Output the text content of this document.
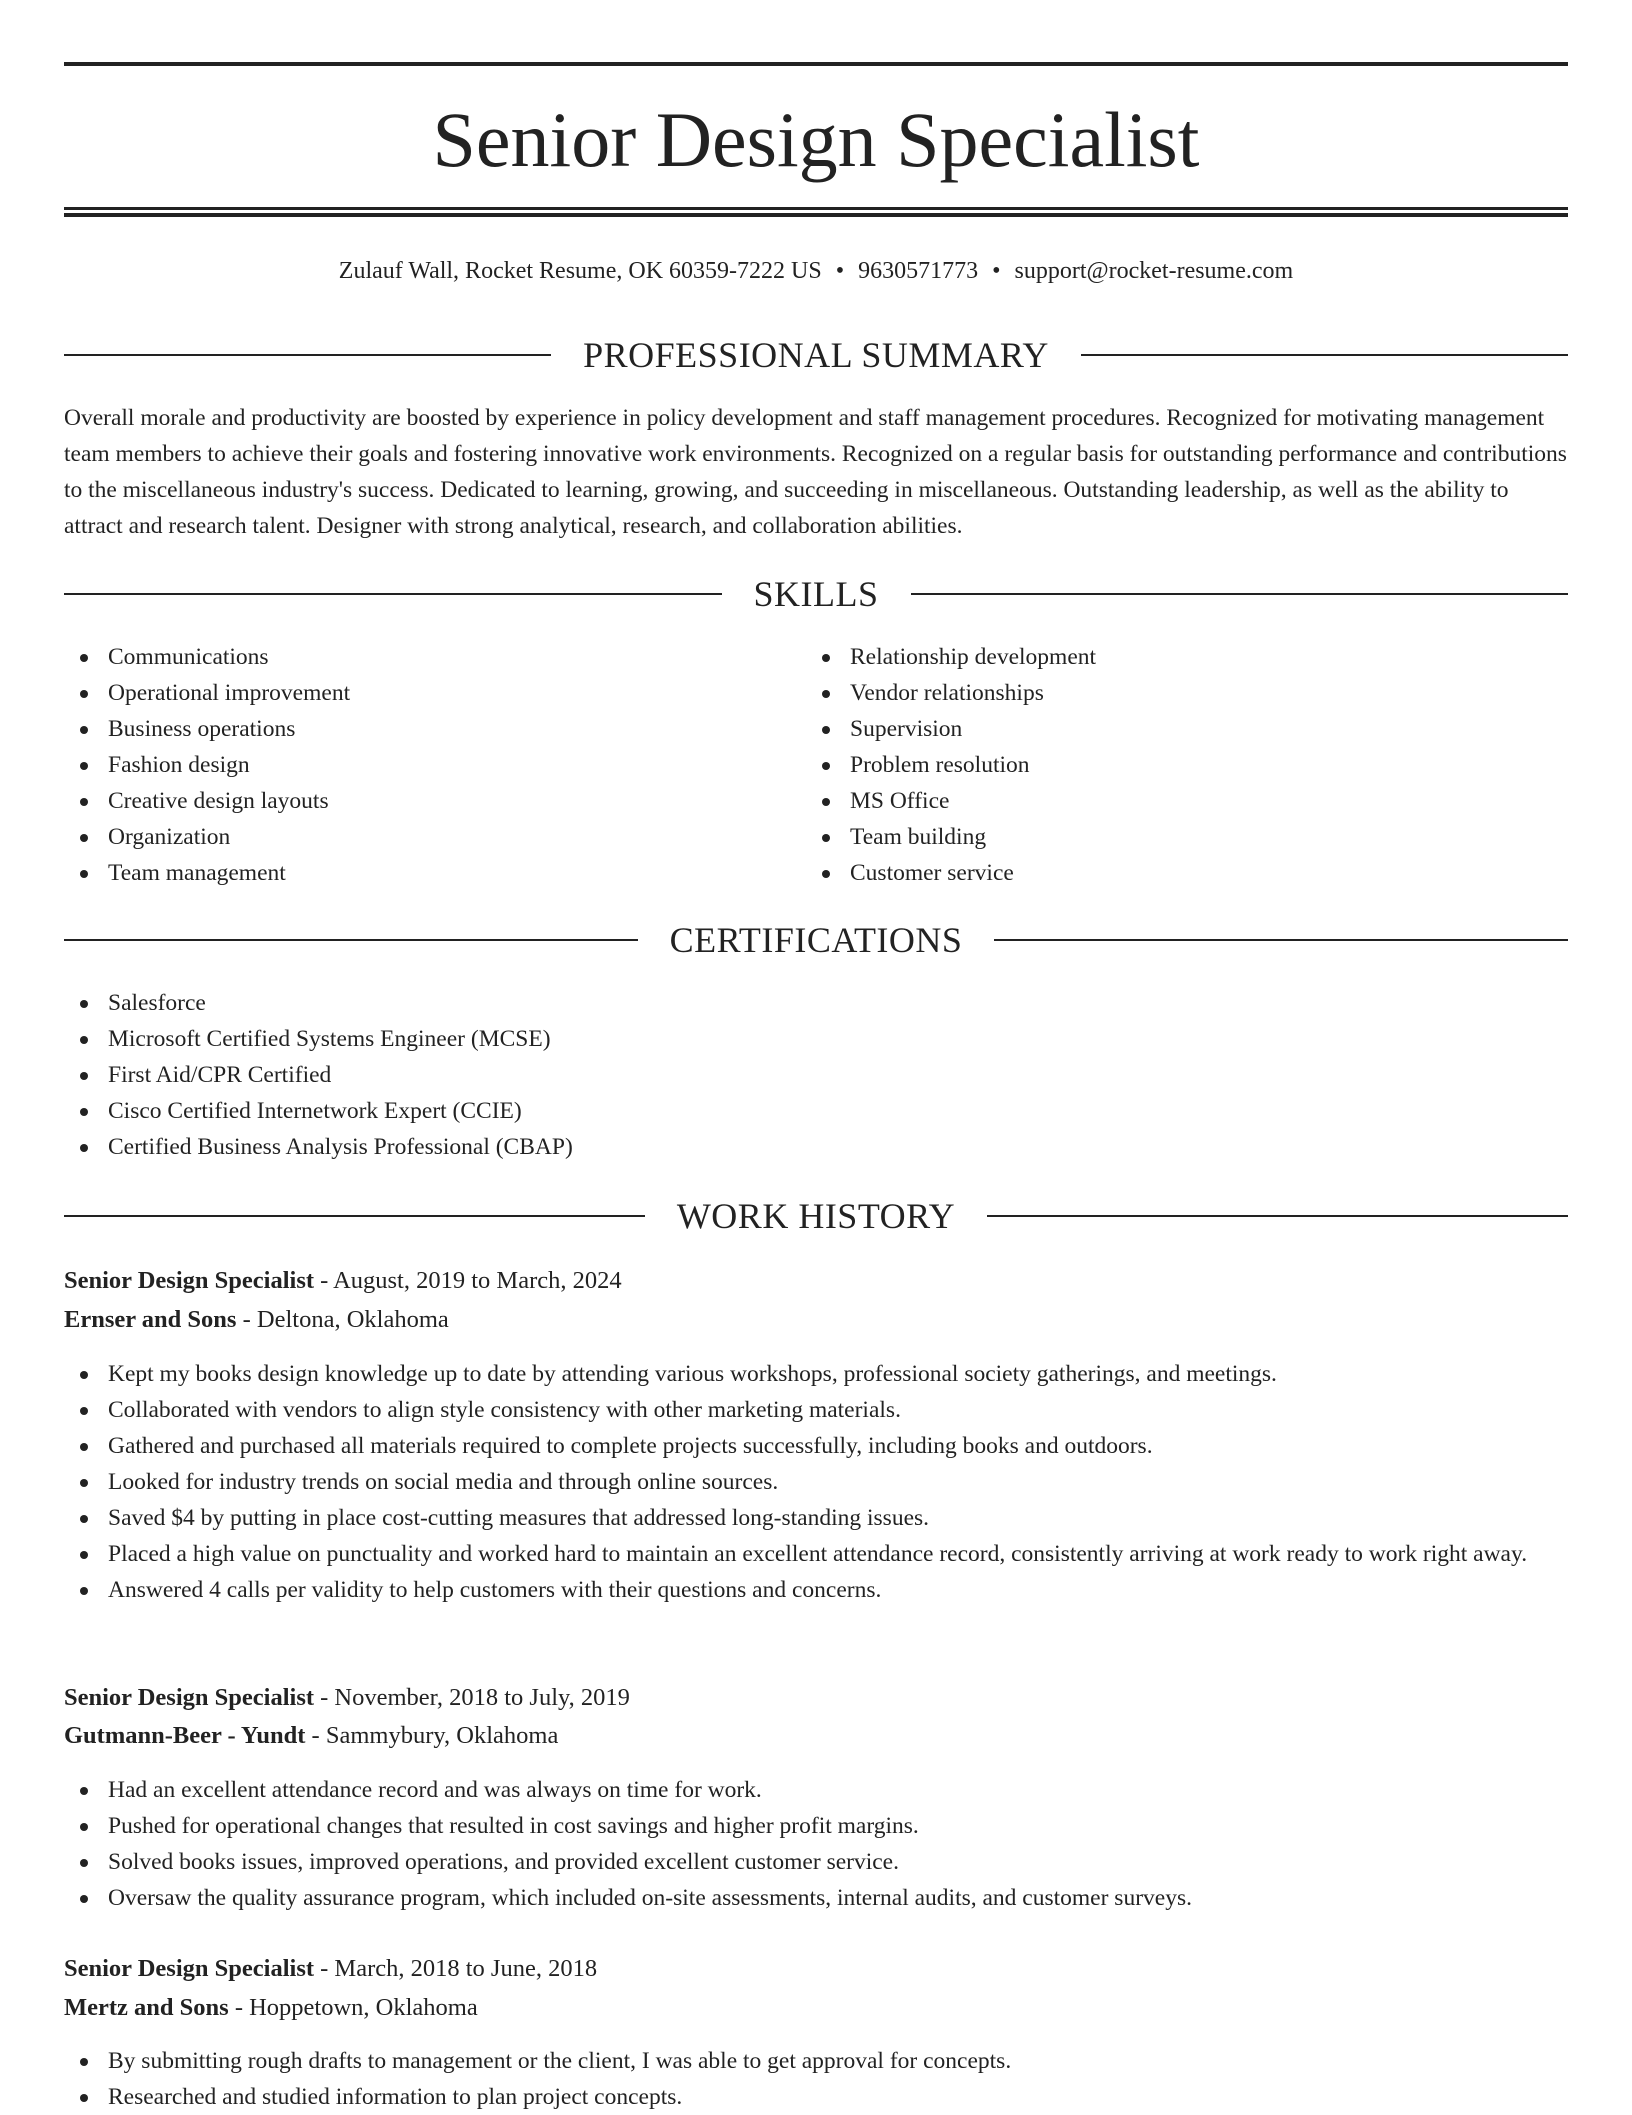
Senior Design Specialist
Zulauf Wall, Rocket Resume, OK 60359-7222 US • 9630571773 • support@rocket-resume.com
PROFESSIONAL SUMMARY

Overall morale and productivity are boosted by experience in policy development and staff management procedures. Recognized for motivating management team members to achieve their goals and fostering innovative work environments. Recognized on a regular basis for outstanding performance and contributions to the miscellaneous industry's success. Dedicated to learning, growing, and succeeding in miscellaneous. Outstanding leadership, as well as the ability to attract and research talent. Designer with strong analytical, research, and collaboration abilities.

SKILLS
Communications
Operational improvement
Business operations
Fashion design
Creative design layouts
Organization
Team management
Relationship development
Vendor relationships
Supervision
Problem resolution
MS Office
Team building
Customer service
CERTIFICATIONS
Salesforce
Microsoft Certified Systems Engineer (MCSE)
First Aid/CPR Certified
Cisco Certified Internetwork Expert (CCIE)
Certified Business Analysis Professional (CBAP)
WORK HISTORY
Senior Design Specialist - August, 2019 to March, 2024
Ernser and Sons - Deltona, Oklahoma
Kept my books design knowledge up to date by attending various workshops, professional society gatherings, and meetings.
Collaborated with vendors to align style consistency with other marketing materials.
Gathered and purchased all materials required to complete projects successfully, including books and outdoors.
Looked for industry trends on social media and through online sources.
Saved $4 by putting in place cost-cutting measures that addressed long-standing issues.
Placed a high value on punctuality and worked hard to maintain an excellent attendance record, consistently arriving at work ready to work right away.
Answered 4 calls per validity to help customers with their questions and concerns.
Senior Design Specialist - November, 2018 to July, 2019
Gutmann-Beer - Yundt - Sammybury, Oklahoma
Had an excellent attendance record and was always on time for work.
Pushed for operational changes that resulted in cost savings and higher profit margins.
Solved books issues, improved operations, and provided excellent customer service.
Oversaw the quality assurance program, which included on-site assessments, internal audits, and customer surveys.
Senior Design Specialist - March, 2018 to June, 2018
Mertz and Sons - Hoppetown, Oklahoma
By submitting rough drafts to management or the client, I was able to get approval for concepts.
Researched and studied information to plan project concepts.
